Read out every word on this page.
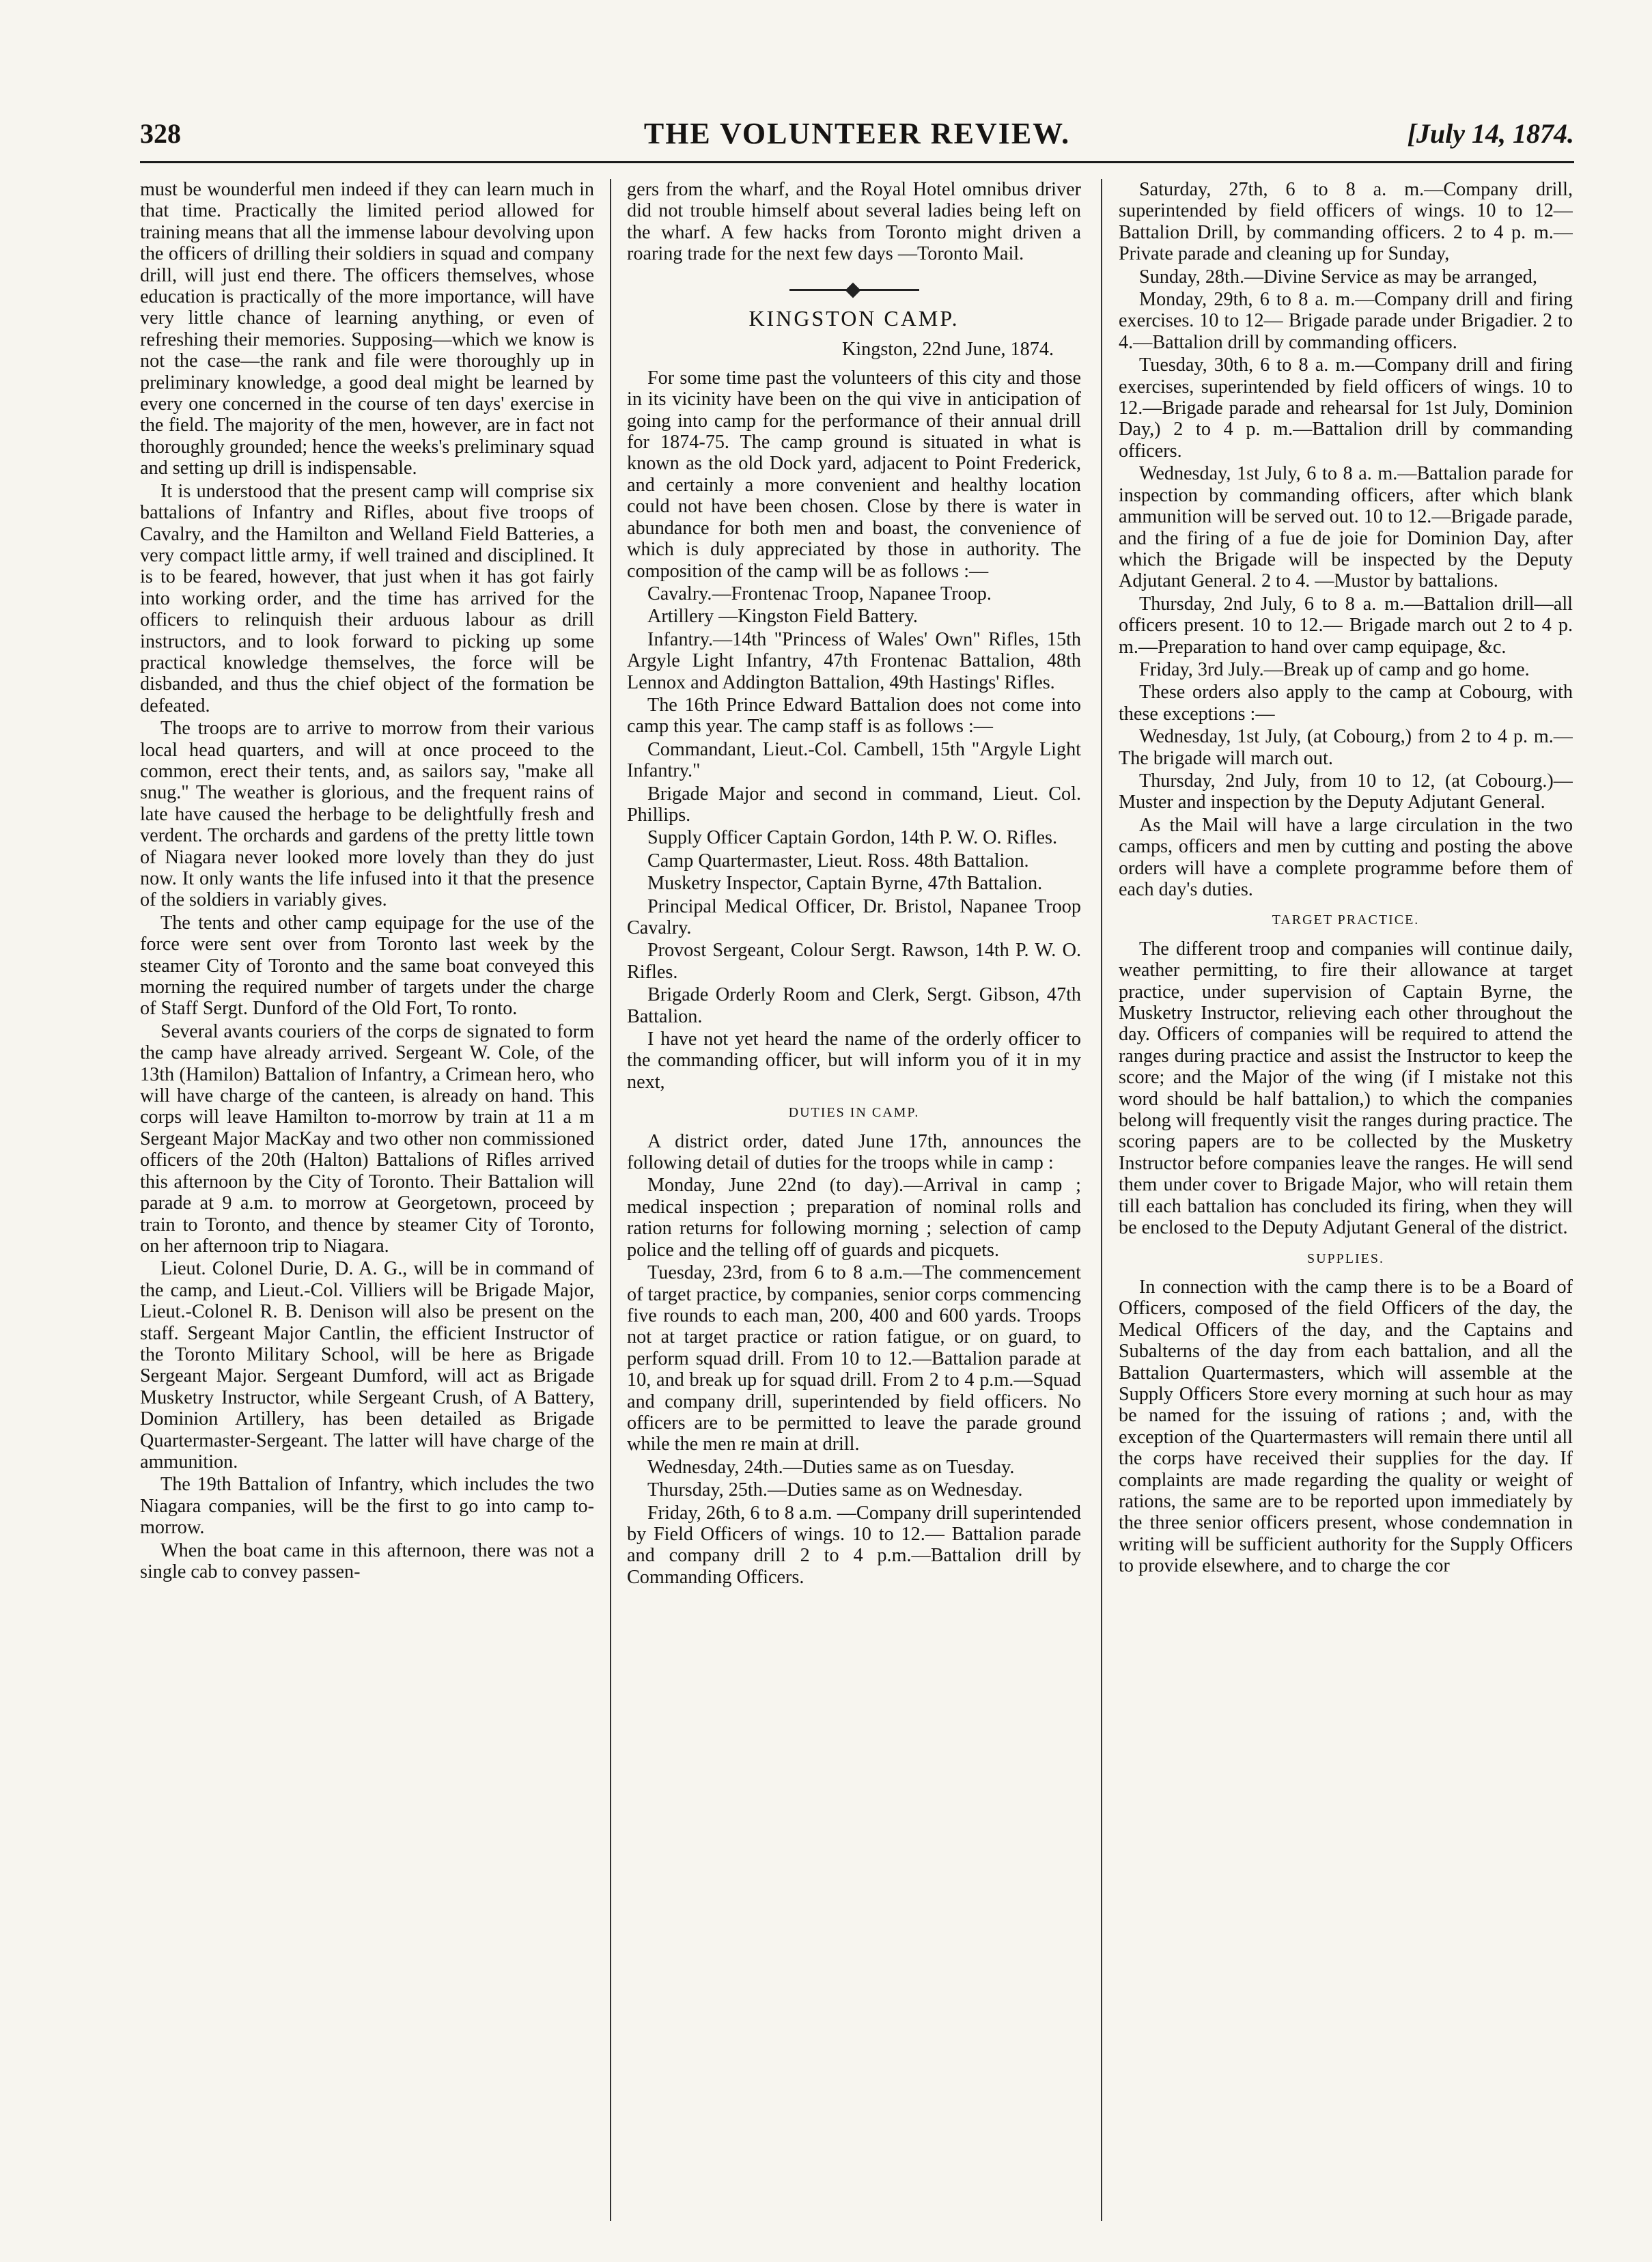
328	THE VOLUNTEER REVIEW.	[July 14, 1874.

must be wounderful men indeed if they can learn much in that time. Practically the limited period allowed for training means that all the immense labour devolving upon the officers of drilling their soldiers in squad and company drill, will just end there. The officers themselves, whose education is practically of the more importance, will have very little chance of learning anything, or even of refreshing their memories. Supposing—which we know is not the case—the rank and file were thoroughly up in preliminary knowledge, a good deal might be learned by every one concerned in the course of ten days' exercise in the field. The majority of the men, however, are in fact not thoroughly grounded; hence the weeks's preliminary squad and setting up drill is indispensable.

It is understood that the present camp will comprise six battalions of Infantry and Rifles, about five troops of Cavalry, and the Hamilton and Welland Field Batteries, a very compact little army, if well trained and disciplined. It is to be feared, however, that just when it has got fairly into working order, and the time has arrived for the officers to relinquish their arduous labour as drill instructors, and to look forward to picking up some practical knowledge themselves, the force will be disbanded, and thus the chief object of the formation be defeated.

The troops are to arrive to morrow from their various local head quarters, and will at once proceed to the common, erect their tents, and, as sailors say, "make all snug." The weather is glorious, and the frequent rains of late have caused the herbage to be delightfully fresh and verdent. The orchards and gardens of the pretty little town of Niagara never looked more lovely than they do just now. It only wants the life infused into it that the presence of the soldiers in variably gives.

The tents and other camp equipage for the use of the force were sent over from Toronto last week by the steamer City of Toronto and the same boat conveyed this morning the required number of targets under the charge of Staff Sergt. Dunford of the Old Fort, To ronto.

Several avants couriers of the corps de signated to form the camp have already arrived. Sergeant W. Cole, of the 13th (Hamilon) Battalion of Infantry, a Crimean hero, who will have charge of the canteen, is already on hand. This corps will leave Hamilton to-morrow by train at 11 a m Sergeant Major MacKay and two other non commissioned officers of the 20th (Halton) Battalions of Rifles arrived this afternoon by the City of Toronto. Their Battalion will parade at 9 a.m. to morrow at Georgetown, proceed by train to Toronto, and thence by steamer City of Toronto, on her afternoon trip to Niagara.

Lieut. Colonel Durie, D. A. G., will be in command of the camp, and Lieut.-Col. Villiers will be Brigade Major, Lieut.-Colonel R. B. Denison will also be present on the staff. Sergeant Major Cantlin, the efficient Instructor of the Toronto Military School, will be here as Brigade Sergeant Major. Sergeant Dumford, will act as Brigade Musketry Instructor, while Sergeant Crush, of A Battery, Dominion Artillery, has been detailed as Brigade Quartermaster-Sergeant. The latter will have charge of the ammunition.

The 19th Battalion of Infantry, which includes the two Niagara companies, will be the first to go into camp to-morrow.

When the boat came in this afternoon, there was not a single cab to convey passen-

gers from the wharf, and the Royal Hotel omnibus driver did not trouble himself about several ladies being left on the wharf. A few hacks from Toronto might driven a roaring trade for the next few days —Toronto Mail.

KINGSTON CAMP.

Kingston, 22nd June, 1874.

For some time past the volunteers of this city and those in its vicinity have been on the qui vive in anticipation of going into camp for the performance of their annual drill for 1874-75. The camp ground is situated in what is known as the old Dock yard, adjacent to Point Frederick, and certainly a more convenient and healthy location could not have been chosen. Close by there is water in abundance for both men and boast, the convenience of which is duly appreciated by those in authority. The composition of the camp will be as follows :—

Cavalry.—Frontenac Troop, Napanee Troop.

Artillery —Kingston Field Battery.

Infantry.—14th "Princess of Wales' Own" Rifles, 15th Argyle Light Infantry, 47th Frontenac Battalion, 48th Lennox and Addington Battalion, 49th Hastings' Rifles.

The 16th Prince Edward Battalion does not come into camp this year. The camp staff is as follows :—

Commandant, Lieut.-Col. Cambell, 15th "Argyle Light Infantry."

Brigade Major and second in command, Lieut. Col. Phillips.

Supply Officer Captain Gordon, 14th P. W. O. Rifles.

Camp Quartermaster, Lieut. Ross. 48th Battalion.

Musketry Inspector, Captain Byrne, 47th Battalion.

Principal Medical Officer, Dr. Bristol, Napanee Troop Cavalry.

Provost Sergeant, Colour Sergt. Rawson, 14th P. W. O. Rifles.

Brigade Orderly Room and Clerk, Sergt. Gibson, 47th Battalion.

I have not yet heard the name of the orderly officer to the commanding officer, but will inform you of it in my next,

DUTIES IN CAMP.

A district order, dated June 17th, announces the following detail of duties for the troops while in camp :

Monday, June 22nd (to day).—Arrival in camp ; medical inspection ; preparation of nominal rolls and ration returns for following morning ; selection of camp police and the telling off of guards and picquets.

Tuesday, 23rd, from 6 to 8 a.m.—The commencement of target practice, by companies, senior corps commencing five rounds to each man, 200, 400 and 600 yards. Troops not at target practice or ration fatigue, or on guard, to perform squad drill. From 10 to 12.—Battalion parade at 10, and break up for squad drill. From 2 to 4 p.m.—Squad and company drill, superintended by field officers. No officers are to be permitted to leave the parade ground while the men re main at drill.

Wednesday, 24th.—Duties same as on Tuesday.

Thursday, 25th.—Duties same as on Wednesday.

Friday, 26th, 6 to 8 a.m. —Company drill superintended by Field Officers of wings. 10 to 12.— Battalion parade and company drill 2 to 4 p.m.—Battalion drill by Commanding Officers.

Saturday, 27th, 6 to 8 a. m.—Company drill, superintended by field officers of wings. 10 to 12—Battalion Drill, by commanding officers. 2 to 4 p. m.—Private parade and cleaning up for Sunday,

Sunday, 28th.—Divine Service as may be arranged,

Monday, 29th, 6 to 8 a. m.—Company drill and firing exercises. 10 to 12— Brigade parade under Brigadier. 2 to 4.—Battalion drill by commanding officers.

Tuesday, 30th, 6 to 8 a. m.—Company drill and firing exercises, superintended by field officers of wings. 10 to 12.—Brigade parade and rehearsal for 1st July, Dominion Day,) 2 to 4 p. m.—Battalion drill by commanding officers.

Wednesday, 1st July, 6 to 8 a. m.—Battalion parade for inspection by commanding officers, after which blank ammunition will be served out. 10 to 12.—Brigade parade, and the firing of a fue de joie for Dominion Day, after which the Brigade will be inspected by the Deputy Adjutant General. 2 to 4. —Mustor by battalions.

Thursday, 2nd July, 6 to 8 a. m.—Battalion drill—all officers present. 10 to 12.— Brigade march out 2 to 4 p. m.—Preparation to hand over camp equipage, &c.

Friday, 3rd July.—Break up of camp and go home.

These orders also apply to the camp at Cobourg, with these exceptions :—

Wednesday, 1st July, (at Cobourg,) from 2 to 4 p. m.—The brigade will march out.

Thursday, 2nd July, from 10 to 12, (at Cobourg.)—Muster and inspection by the Deputy Adjutant General.

As the Mail will have a large circulation in the two camps, officers and men by cutting and posting the above orders will have a complete programme before them of each day's duties.

TARGET PRACTICE.

The different troop and companies will continue daily, weather permitting, to fire their allowance at target practice, under supervision of Captain Byrne, the Musketry Instructor, relieving each other throughout the day. Officers of companies will be required to attend the ranges during practice and assist the Instructor to keep the score; and the Major of the wing (if I mistake not this word should be half battalion,) to which the companies belong will frequently visit the ranges during practice. The scoring papers are to be collected by the Musketry Instructor before companies leave the ranges. He will send them under cover to Brigade Major, who will retain them till each battalion has concluded its firing, when they will be enclosed to the Deputy Adjutant General of the district.

SUPPLIES.

In connection with the camp there is to be a Board of Officers, composed of the field Officers of the day, the Medical Officers of the day, and the Captains and Subalterns of the day from each battalion, and all the Battalion Quartermasters, which will assemble at the Supply Officers Store every morning at such hour as may be named for the issuing of rations ; and, with the exception of the Quartermasters will remain there until all the corps have received their supplies for the day. If complaints are made regarding the quality or weight of rations, the same are to be reported upon immediately by the three senior officers present, whose condemnation in writing will be sufficient authority for the Supply Officers to provide elsewhere, and to charge the cor
